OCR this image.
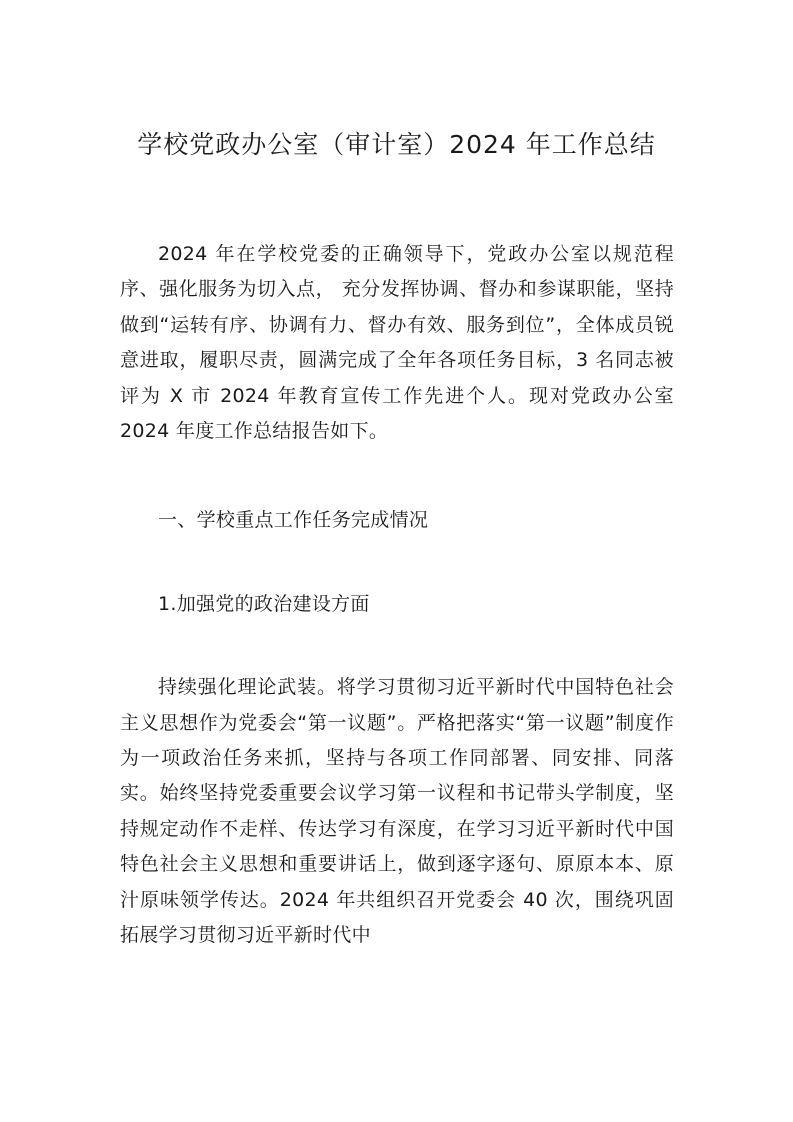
学校党政办公室（审计室）2024 年工作总结

2024 年在学校党委的正确领导下，党政办公室以规范程序、强化服务为切入点， 充分发挥协调、督办和参谋职能，坚持做到“运转有序、协调有力、督办有效、服务到位”，全体成员锐意进取，履职尽责，圆满完成了全年各项任务目标，3 名同志被评为 X 市 2024 年教育宣传工作先进个人。现对党政办公室 2024 年度工作总结报告如下。

一、学校重点工作任务完成情况

1.加强党的政治建设方面

持续强化理论武装。将学习贯彻习近平新时代中国特色社会主义思想作为党委会“第一议题”。严格把落实“第一议题”制度作为一项政治任务来抓，坚持与各项工作同部署、同安排、同落实。始终坚持党委重要会议学习第一议程和书记带头学制度，坚持规定动作不走样、传达学习有深度，在学习习近平新时代中国特色社会主义思想和重要讲话上，做到逐字逐句、原原本本、原汁原味领学传达。2024 年共组织召开党委会 40 次，围绕巩固拓展学习贯彻习近平新时代中
